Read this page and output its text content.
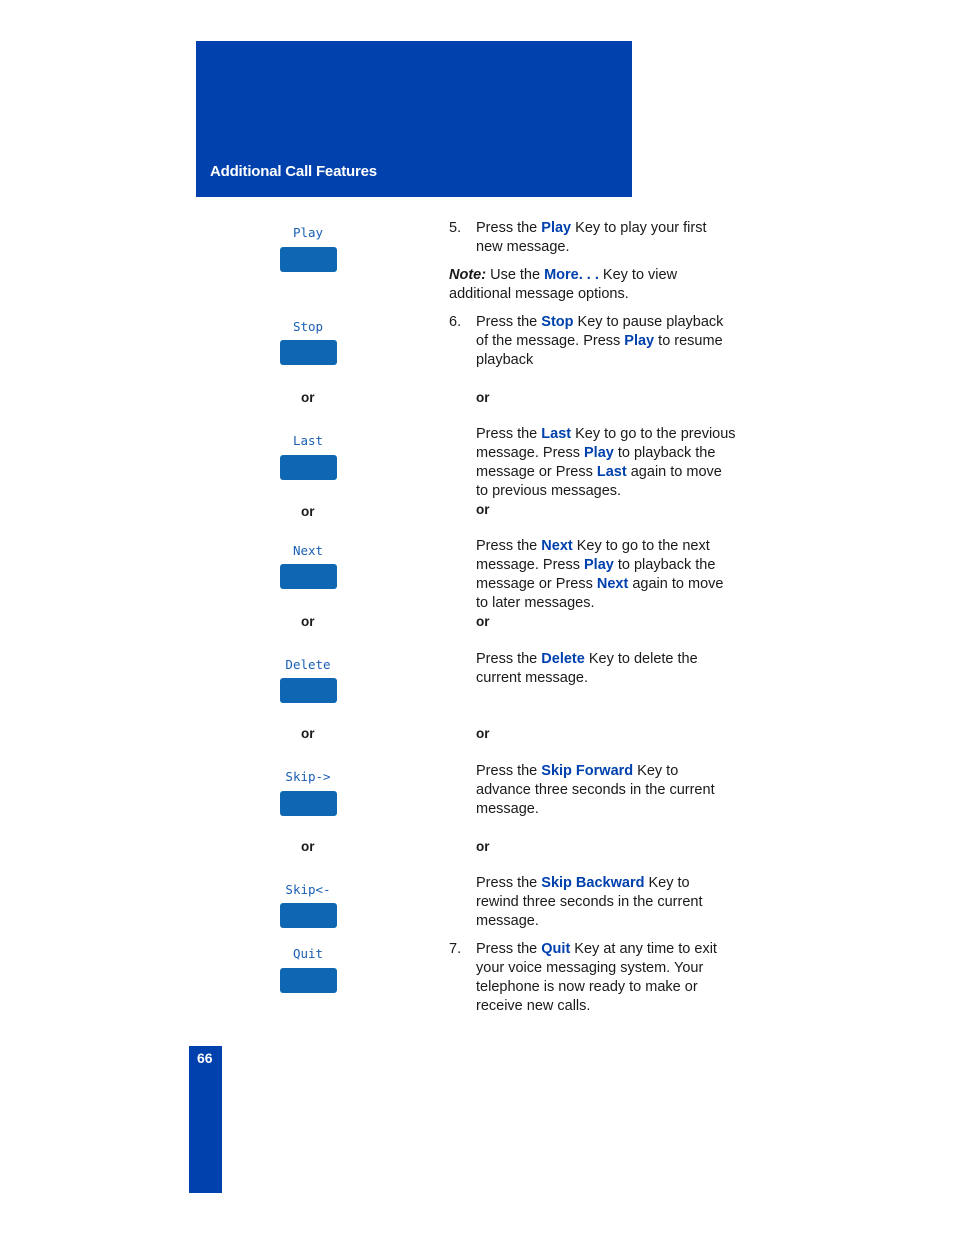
Additional Call Features
Play
Stop
or
Last
or
Next
or
Delete
or
Skip->
or
Skip<-
Quit
5. Press the Play Key to play your first
new message.
Note: Use the More. . . Key to view
additional message options.
6. Press the Stop Key to pause playback
of the message. Press Play to resume
playback
or
Press the Last Key to go to the previous
message. Press Play to playback the
message or Press Last again to move
to previous messages.
or
Press the Next Key to go to the next
message. Press Play to playback the
message or Press Next again to move
to later messages.
or
Press the Delete Key to delete the
current message.
or
Press the Skip Forward Key to
advance three seconds in the current
message.
or
Press the Skip Backward Key to
rewind three seconds in the current
message.
7. Press the Quit Key at any time to exit
your voice messaging system. Your
telephone is now ready to make or
receive new calls.
66
